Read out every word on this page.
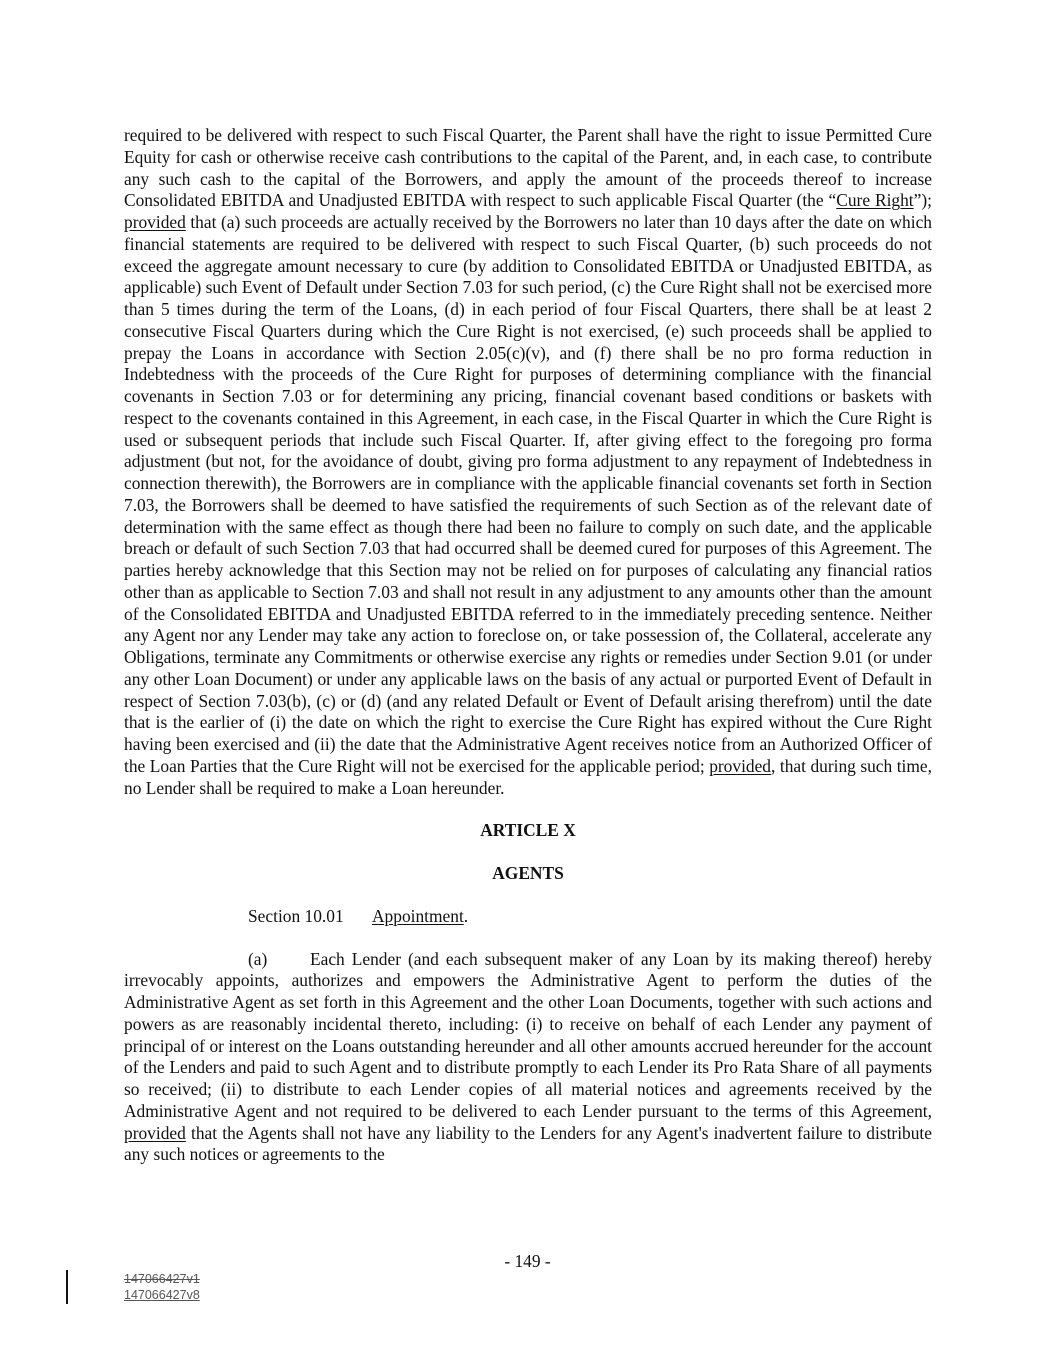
required to be delivered with respect to such Fiscal Quarter, the Parent shall have the right to issue Permitted Cure Equity for cash or otherwise receive cash contributions to the capital of the Parent, and, in each case, to contribute any such cash to the capital of the Borrowers, and apply the amount of the proceeds thereof to increase Consolidated EBITDA and Unadjusted EBITDA with respect to such applicable Fiscal Quarter (the “Cure Right”); provided that (a) such proceeds are actually received by the Borrowers no later than 10 days after the date on which financial statements are required to be delivered with respect to such Fiscal Quarter, (b) such proceeds do not exceed the aggregate amount necessary to cure (by addition to Consolidated EBITDA or Unadjusted EBITDA, as applicable) such Event of Default under Section 7.03 for such period, (c) the Cure Right shall not be exercised more than 5 times during the term of the Loans, (d) in each period of four Fiscal Quarters, there shall be at least 2 consecutive Fiscal Quarters during which the Cure Right is not exercised, (e) such proceeds shall be applied to prepay the Loans in accordance with Section 2.05(c)(v), and (f) there shall be no pro forma reduction in Indebtedness with the proceeds of the Cure Right for purposes of determining compliance with the financial covenants in Section 7.03 or for determining any pricing, financial covenant based conditions or baskets with respect to the covenants contained in this Agreement, in each case, in the Fiscal Quarter in which the Cure Right is used or subsequent periods that include such Fiscal Quarter. If, after giving effect to the foregoing pro forma adjustment (but not, for the avoidance of doubt, giving pro forma adjustment to any repayment of Indebtedness in connection therewith), the Borrowers are in compliance with the applicable financial covenants set forth in Section 7.03, the Borrowers shall be deemed to have satisfied the requirements of such Section as of the relevant date of determination with the same effect as though there had been no failure to comply on such date, and the applicable breach or default of such Section 7.03 that had occurred shall be deemed cured for purposes of this Agreement. The parties hereby acknowledge that this Section may not be relied on for purposes of calculating any financial ratios other than as applicable to Section 7.03 and shall not result in any adjustment to any amounts other than the amount of the Consolidated EBITDA and Unadjusted EBITDA referred to in the immediately preceding sentence. Neither any Agent nor any Lender may take any action to foreclose on, or take possession of, the Collateral, accelerate any Obligations, terminate any Commitments or otherwise exercise any rights or remedies under Section 9.01 (or under any other Loan Document) or under any applicable laws on the basis of any actual or purported Event of Default in respect of Section 7.03(b), (c) or (d) (and any related Default or Event of Default arising therefrom) until the date that is the earlier of (i) the date on which the right to exercise the Cure Right has expired without the Cure Right having been exercised and (ii) the date that the Administrative Agent receives notice from an Authorized Officer of the Loan Parties that the Cure Right will not be exercised for the applicable period; provided, that during such time, no Lender shall be required to make a Loan hereunder.

ARTICLE X

AGENTS

Section 10.01 Appointment.

(a) Each Lender (and each subsequent maker of any Loan by its making thereof) hereby irrevocably appoints, authorizes and empowers the Administrative Agent to perform the duties of the Administrative Agent as set forth in this Agreement and the other Loan Documents, together with such actions and powers as are reasonably incidental thereto, including: (i) to receive on behalf of each Lender any payment of principal of or interest on the Loans outstanding hereunder and all other amounts accrued hereunder for the account of the Lenders and paid to such Agent and to distribute promptly to each Lender its Pro Rata Share of all payments so received; (ii) to distribute to each Lender copies of all material notices and agreements received by the Administrative Agent and not required to be delivered to each Lender pursuant to the terms of this Agreement, provided that the Agents shall not have any liability to the Lenders for any Agent's inadvertent failure to distribute any such notices or agreements to the

- 149 -
147066427v1
147066427v8
